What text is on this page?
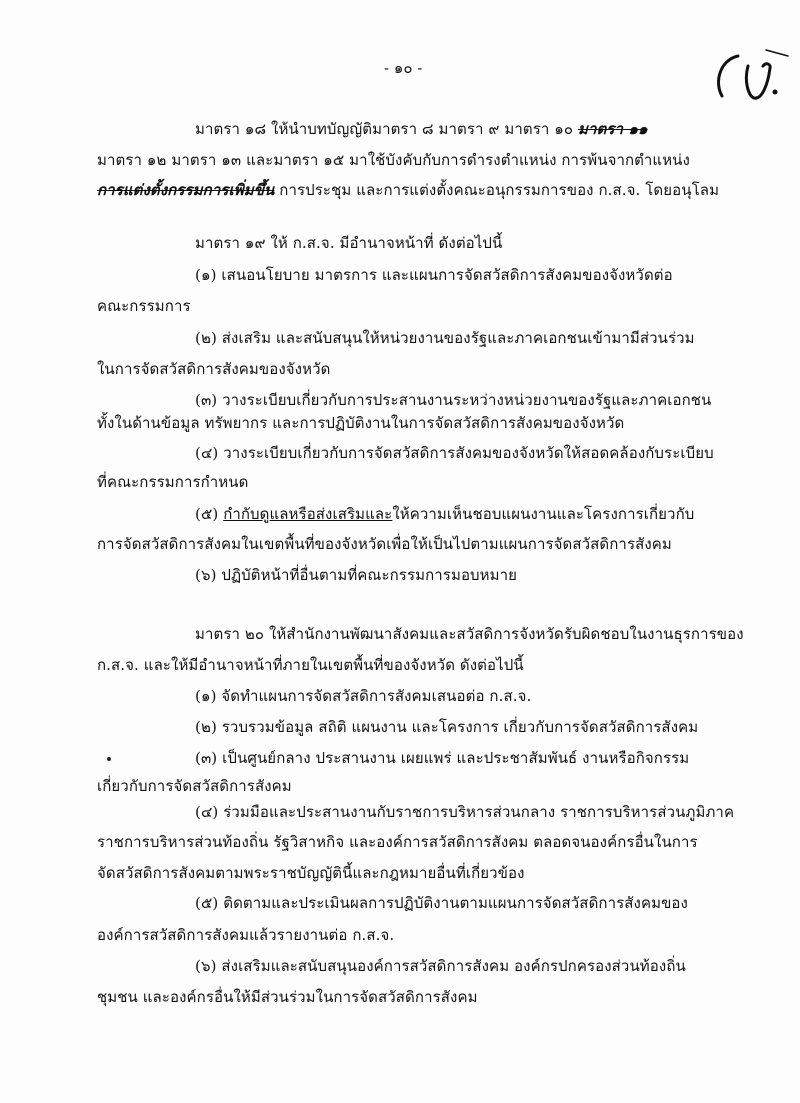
- ๑๐ -
มาตรา ๑๘ ให้นำบทบัญญัติมาตรา ๘ มาตรา ๙ มาตรา ๑๐ มาตรา ๑๑
มาตรา ๑๒ มาตรา ๑๓ และมาตรา ๑๕ มาใช้บังคับกับการดำรงตำแหน่ง การพ้นจากตำแหน่ง
การแต่งตั้งกรรมการเพิ่มขึ้น การประชุม และการแต่งตั้งคณะอนุกรรมการของ ก.ส.จ. โดยอนุโลม
มาตรา ๑๙ ให้ ก.ส.จ. มีอำนาจหน้าที่ ดังต่อไปนี้
(๑) เสนอนโยบาย มาตรการ และแผนการจัดสวัสดิการสังคมของจังหวัดต่อ
คณะกรรมการ
(๒) ส่งเสริม และสนับสนุนให้หน่วยงานของรัฐและภาคเอกชนเข้ามามีส่วนร่วม
ในการจัดสวัสดิการสังคมของจังหวัด
(๓) วางระเบียบเกี่ยวกับการประสานงานระหว่างหน่วยงานของรัฐและภาคเอกชน
ทั้งในด้านข้อมูล ทรัพยากร และการปฏิบัติงานในการจัดสวัสดิการสังคมของจังหวัด
(๔) วางระเบียบเกี่ยวกับการจัดสวัสดิการสังคมของจังหวัดให้สอดคล้องกับระเบียบ
ที่คณะกรรมการกำหนด
(๕) กำกับดูแลหรือส่งเสริมและให้ความเห็นชอบแผนงานและโครงการเกี่ยวกับ
การจัดสวัสดิการสังคมในเขตพื้นที่ของจังหวัดเพื่อให้เป็นไปตามแผนการจัดสวัสดิการสังคม
(๖) ปฏิบัติหน้าที่อื่นตามที่คณะกรรมการมอบหมาย
มาตรา ๒๐ ให้สำนักงานพัฒนาสังคมและสวัสดิการจังหวัดรับผิดชอบในงานธุรการของ
ก.ส.จ. และให้มีอำนาจหน้าที่ภายในเขตพื้นที่ของจังหวัด ดังต่อไปนี้
(๑) จัดทำแผนการจัดสวัสดิการสังคมเสนอต่อ ก.ส.จ.
(๒) รวบรวมข้อมูล สถิติ แผนงาน และโครงการ เกี่ยวกับการจัดสวัสดิการสังคม
(๓) เป็นศูนย์กลาง ประสานงาน เผยแพร่ และประชาสัมพันธ์ งานหรือกิจกรรม
เกี่ยวกับการจัดสวัสดิการสังคม
(๔) ร่วมมือและประสานงานกับราชการบริหารส่วนกลาง ราชการบริหารส่วนภูมิภาค
ราชการบริหารส่วนท้องถิ่น รัฐวิสาหกิจ และองค์การสวัสดิการสังคม ตลอดจนองค์กรอื่นในการ
จัดสวัสดิการสังคมตามพระราชบัญญัตินี้และกฎหมายอื่นที่เกี่ยวข้อง
(๕) ติดตามและประเมินผลการปฏิบัติงานตามแผนการจัดสวัสดิการสังคมของ
องค์การสวัสดิการสังคมแล้วรายงานต่อ ก.ส.จ.
(๖) ส่งเสริมและสนับสนุนองค์การสวัสดิการสังคม องค์กรปกครองส่วนท้องถิ่น
ชุมชน และองค์กรอื่นให้มีส่วนร่วมในการจัดสวัสดิการสังคม
